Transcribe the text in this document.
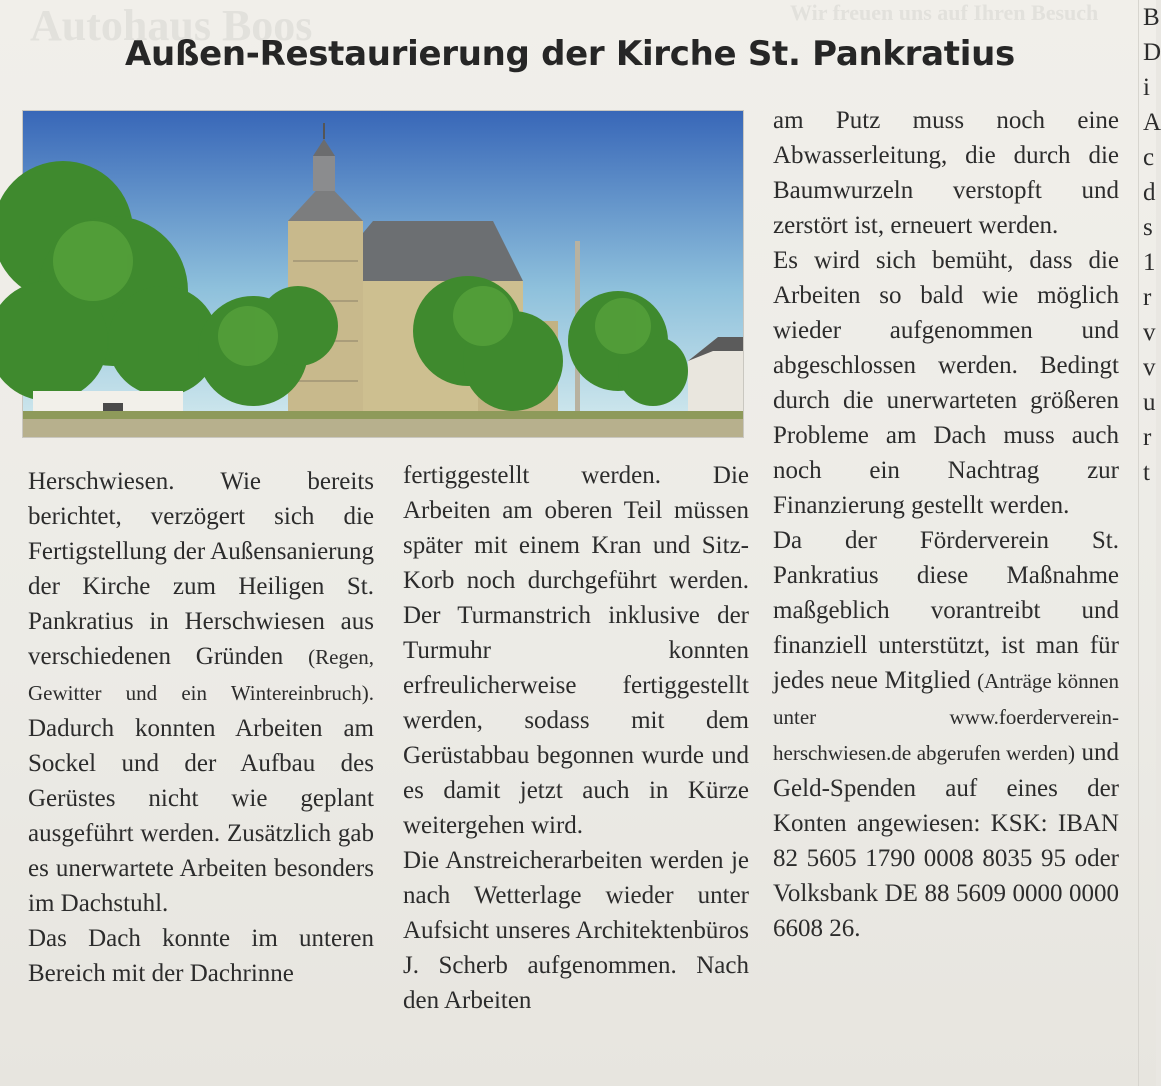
Autohaus Boos	Wir freuen uns auf Ihren Besuch
Außen-Restaurierung der Kirche St. Pankratius

Herschwiesen. Wie bereits berichtet, verzögert sich die Fertigstellung der Außensanierung der Kirche zum Heiligen St. Pankratius in Herschwiesen aus verschiedenen Gründen (Regen, Gewitter und ein Wintereinbruch). Dadurch konnten Arbeiten am Sockel und der Aufbau des Gerüstes nicht wie geplant ausgeführt werden. Zusätzlich gab es unerwartete Arbeiten besonders im Dachstuhl.

Das Dach konnte im unteren Bereich mit der Dachrinne

fertiggestellt werden. Die Arbeiten am oberen Teil müssen später mit einem Kran und Sitz-Korb noch durchgeführt werden. Der Turmanstrich inklusive der Turmuhr konnten erfreulicherweise fertiggestellt werden, sodass mit dem Gerüstabbau begonnen wurde und es damit jetzt auch in Kürze weitergehen wird.

Die Anstreicherarbeiten werden je nach Wetterlage wieder unter Aufsicht unseres Architektenbüros J. Scherb aufgenommen. Nach den Arbeiten

am Putz muss noch eine Abwasserleitung, die durch die Baumwurzeln verstopft und zerstört ist, erneuert werden.

Es wird sich bemüht, dass die Arbeiten so bald wie möglich wieder aufgenommen und abgeschlossen werden. Bedingt durch die unerwarteten größeren Probleme am Dach muss auch noch ein Nachtrag zur Finanzierung gestellt werden.

Da der Förderverein St. Pankratius diese Maßnahme maßgeblich vorantreibt und finanziell unterstützt, ist man für jedes neue Mitglied (Anträge können unter www.foerderverein-herschwiesen.de abgerufen werden) und Geld-Spenden auf eines der Konten angewiesen: KSK: IBAN 82 5605 1790 0008 8035 95 oder Volksbank DE 88 5609 0000 0000 6608 26.

B
D
i
A
c
d
s
1
r
v
v
u
r
t
